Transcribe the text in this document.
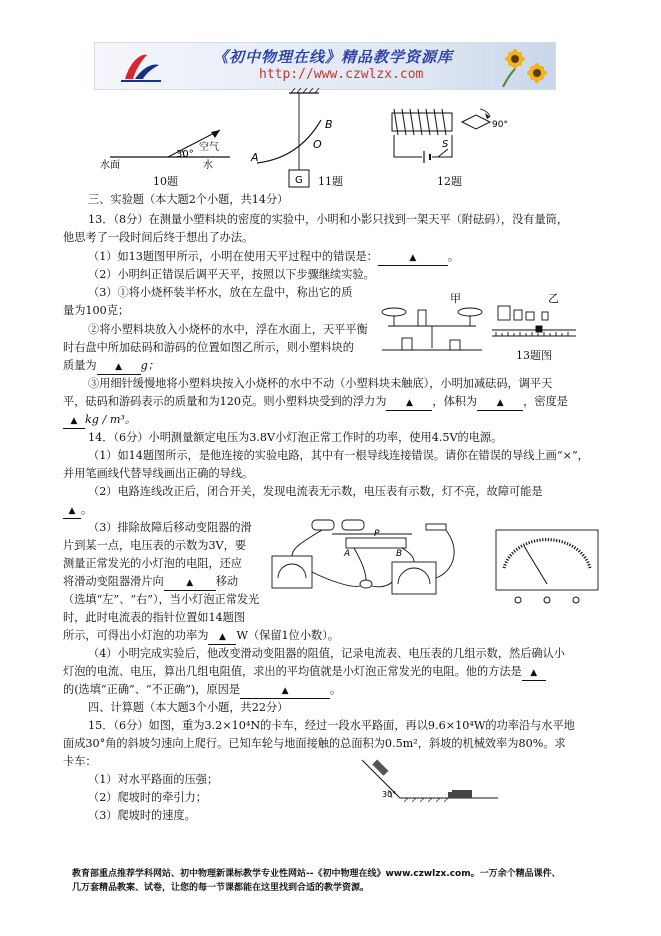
《初中物理在线》精品教学资源库
http://www.czwlzx.com
30°
空气
水
水面
10题	G
B
O
A
11题
90°
S
12题
三、实验题（本大题2个小题，共14分）
13．（8分）在测量小塑料块的密度的实验中，小明和小影只找到一架天平（附砝码），没有量筒，
他思考了一段时间后终于想出了办法。
（1）如13题图甲所示，小明在使用天平过程中的错误是：	▲	。
（2）小明纠正错误后调平天平，按照以下步骤继续实验。
（3）①将小烧杯装半杯水，放在左盘中，称出它的质
量为100克；
②将小塑料块放入小烧杯的水中，浮在水面上，天平平衡
时右盘中所加砝码和游码的位置如图乙所示，则小塑料块的
质量为 ▲ g；
③用细针缓慢地将小塑料块按入小烧杯的水中不动（小塑料块未触底），小明加减砝码，调平天
平，砝码和游码表示的质量和为120克。则小塑料块受到的浮力为 ▲ ，体积为 ▲ ，密度是
▲ kg / m³。
甲	乙
13题图
14．（6分）小明测量额定电压为3.8V小灯泡正常工作时的功率，使用4.5V的电源。
（1）如14题图所示，是他连接的实验电路，其中有一根导线连接错误。请你在错误的导线上画“×”，
并用笔画线代替导线画出正确的导线。
（2）电路连线改正后，闭合开关，发现电流表无示数，电压表有示数，灯不亮，故障可能是
▲ 。
（3）排除故障后移动变阻器的滑
片到某一点，电压表的示数为3V，要
测量正常发光的小灯泡的电阻，还应
将滑动变阻器滑片向	▲ 移动
（选填“左”、“右”），当小灯泡正常发光
时，此时电流表的指针位置如14题图
所示，可得出小灯泡的功率为 ▲ W（保留1位小数）。
（4）小明完成实验后，他改变滑动变阻器的阻值，记录电流表、电压表的几组示数，然后确认小
灯泡的电流、电压，算出几组电阻值，求出的平均值就是小灯泡正常发光的电阻。他的方法是 ▲
的(选填“正确”、“不正确”)，原因是	▲	。
A	B
P
四、计算题（本大题3个小题，共22分）
15．（6分）如图，重为3.2×10⁴N的卡车，经过一段水平路面，再以9.6×10⁴W的功率沿与水平地
面成30°角的斜坡匀速向上爬行。已知车轮与地面接触的总面积为0.5m²，斜坡的机械效率为80%。求
卡车：
（1）对水平路面的压强；
（2）爬坡时的牵引力；
（3）爬坡时的速度。
30°
教育部重点推荐学科网站、初中物理新课标教学专业性网站--《初中物理在线》www.czwlzx.com。一万余个精品课件、
几万套精品教案、试卷，让您的每一节课都能在这里找到合适的教学资源。
